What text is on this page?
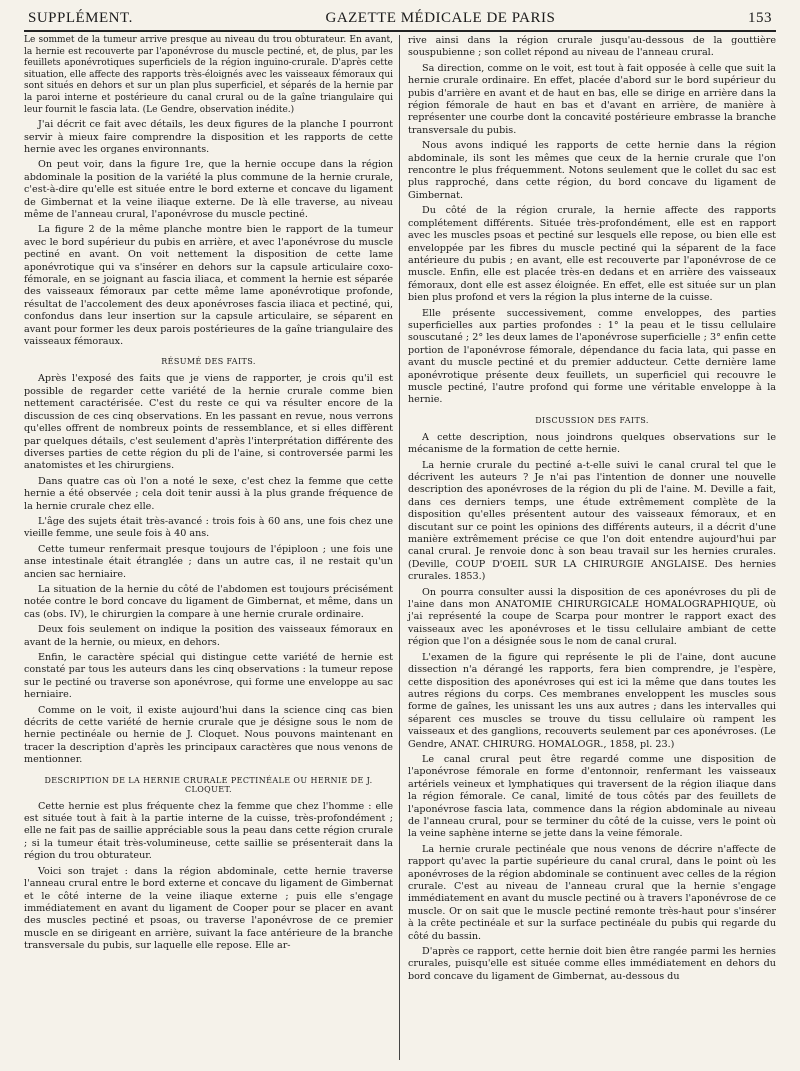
SUPPLÉMENT.	GAZETTE MÉDICALE DE PARIS	153

Le sommet de la tumeur arrive presque au niveau du trou obturateur. En avant, la hernie est recouverte par l'aponévrose du muscle pectiné, et, de plus, par les feuillets aponévrotiques superficiels de la région inguino-crurale. D'après cette situation, elle affecte des rapports très-éloignés avec les vaisseaux fémoraux qui sont situés en dehors et sur un plan plus superficiel, et séparés de la hernie par la paroi interne et postérieure du canal crural ou de la gaîne triangulaire qui leur fournit le fascia lata. (Le Gendre, observation inédite.)

J'ai décrit ce fait avec détails, les deux figures de la planche I pourront servir à mieux faire comprendre la disposition et les rapports de cette hernie avec les organes environnants.

On peut voir, dans la figure 1re, que la hernie occupe dans la région abdominale la position de la variété la plus commune de la hernie crurale, c'est-à-dire qu'elle est située entre le bord externe et concave du ligament de Gimbernat et la veine iliaque externe. De là elle traverse, au niveau même de l'anneau crural, l'aponévrose du muscle pectiné.

La figure 2 de la même planche montre bien le rapport de la tumeur avec le bord supérieur du pubis en arrière, et avec l'aponévrose du muscle pectiné en avant. On voit nettement la disposition de cette lame aponévrotique qui va s'insérer en dehors sur la capsule articulaire coxo-fémorale, en se joignant au fascia iliaca, et comment la hernie est séparée des vaisseaux fémoraux par cette même lame aponévrotique profonde, résultat de l'accolement des deux aponévroses fascia iliaca et pectiné, qui, confondus dans leur insertion sur la capsule articulaire, se séparent en avant pour former les deux parois postérieures de la gaîne triangulaire des vaisseaux fémoraux.

RÉSUMÉ DES FAITS.

Après l'exposé des faits que je viens de rapporter, je crois qu'il est possible de regarder cette variété de la hernie crurale comme bien nettement caractérisée. C'est du reste ce qui va résulter encore de la discussion de ces cinq observations. En les passant en revue, nous verrons qu'elles offrent de nombreux points de ressemblance, et si elles diffèrent par quelques détails, c'est seulement d'après l'interprétation différente des diverses parties de cette région du pli de l'aine, si controversée parmi les anatomistes et les chirurgiens.

Dans quatre cas où l'on a noté le sexe, c'est chez la femme que cette hernie a été observée ; cela doit tenir aussi à la plus grande fréquence de la hernie crurale chez elle.

L'âge des sujets était très-avancé : trois fois à 60 ans, une fois chez une vieille femme, une seule fois à 40 ans.

Cette tumeur renfermait presque toujours de l'épiploon ; une fois une anse intestinale était étranglée ; dans un autre cas, il ne restait qu'un ancien sac herniaire.

La situation de la hernie du côté de l'abdomen est toujours précisément notée contre le bord concave du ligament de Gimbernat, et même, dans un cas (obs. IV), le chirurgien la compare à une hernie crurale ordinaire.

Deux fois seulement on indique la position des vaisseaux fémoraux en avant de la hernie, ou mieux, en dehors.

Enfin, le caractère spécial qui distingue cette variété de hernie est constaté par tous les auteurs dans les cinq observations : la tumeur repose sur le pectiné ou traverse son aponévrose, qui forme une enveloppe au sac herniaire.

Comme on le voit, il existe aujourd'hui dans la science cinq cas bien décrits de cette variété de hernie crurale que je désigne sous le nom de hernie pectinéale ou hernie de J. Cloquet. Nous pouvons maintenant en tracer la description d'après les principaux caractères que nous venons de mentionner.

DESCRIPTION DE LA HERNIE CRURALE PECTINÉALE OU HERNIE DE J. CLOQUET.

Cette hernie est plus fréquente chez la femme que chez l'homme : elle est située tout à fait à la partie interne de la cuisse, très-profondément ; elle ne fait pas de saillie appréciable sous la peau dans cette région crurale ; si la tumeur était très-volumineuse, cette saillie se présenterait dans la région du trou obturateur.

Voici son trajet : dans la région abdominale, cette hernie traverse l'anneau crural entre le bord externe et concave du ligament de Gimbernat et le côté interne de la veine iliaque externe ; puis elle s'engage immédiatement en avant du ligament de Cooper pour se placer en avant des muscles pectiné et psoas, ou traverse l'aponévrose de ce premier muscle en se dirigeant en arrière, suivant la face antérieure de la branche transversale du pubis, sur laquelle elle repose. Elle ar-

rive ainsi dans la région crurale jusqu'au-dessous de la gouttière souspubienne ; son collet répond au niveau de l'anneau crural.

Sa direction, comme on le voit, est tout à fait opposée à celle que suit la hernie crurale ordinaire. En effet, placée d'abord sur le bord supérieur du pubis d'arrière en avant et de haut en bas, elle se dirige en arrière dans la région fémorale de haut en bas et d'avant en arrière, de manière à représenter une courbe dont la concavité postérieure embrasse la branche transversale du pubis.

Nous avons indiqué les rapports de cette hernie dans la région abdominale, ils sont les mêmes que ceux de la hernie crurale que l'on rencontre le plus fréquemment. Notons seulement que le collet du sac est plus rapproché, dans cette région, du bord concave du ligament de Gimbernat.

Du côté de la région crurale, la hernie affecte des rapports complétement différents. Située très-profondément, elle est en rapport avec les muscles psoas et pectiné sur lesquels elle repose, ou bien elle est enveloppée par les fibres du muscle pectiné qui la séparent de la face antérieure du pubis ; en avant, elle est recouverte par l'aponévrose de ce muscle. Enfin, elle est placée très-en dedans et en arrière des vaisseaux fémoraux, dont elle est assez éloignée. En effet, elle est située sur un plan bien plus profond et vers la région la plus interne de la cuisse.

Elle présente successivement, comme enveloppes, des parties superficielles aux parties profondes : 1° la peau et le tissu cellulaire souscutané ; 2° les deux lames de l'aponévrose superficielle ; 3° enfin cette portion de l'aponévrose fémorale, dépendance du facia lata, qui passe en avant du muscle pectiné et du premier adducteur. Cette dernière lame aponévrotique présente deux feuillets, un superficiel qui recouvre le muscle pectiné, l'autre profond qui forme une véritable enveloppe à la hernie.

DISCUSSION DES FAITS.

A cette description, nous joindrons quelques observations sur le mécanisme de la formation de cette hernie.

La hernie crurale du pectiné a-t-elle suivi le canal crural tel que le décrivent les auteurs ? Je n'ai pas l'intention de donner une nouvelle description des aponévroses de la région du pli de l'aine. M. Deville a fait, dans ces derniers temps, une étude extrêmement complète de la disposition qu'elles présentent autour des vaisseaux fémoraux, et en discutant sur ce point les opinions des différents auteurs, il a décrit d'une manière extrêmement précise ce que l'on doit entendre aujourd'hui par canal crural. Je renvoie donc à son beau travail sur les hernies crurales. (Deville, COUP D'OEIL SUR LA CHIRURGIE ANGLAISE. Des hernies crurales. 1853.)

On pourra consulter aussi la disposition de ces aponévroses du pli de l'aine dans mon ANATOMIE CHIRURGICALE HOMALOGRAPHIQUE, où j'ai représenté la coupe de Scarpa pour montrer le rapport exact des vaisseaux avec les aponévroses et le tissu cellulaire ambiant de cette région que l'on a désignée sous le nom de canal crural.

L'examen de la figure qui représente le pli de l'aine, dont aucune dissection n'a dérangé les rapports, fera bien comprendre, je l'espère, cette disposition des aponévroses qui est ici la même que dans toutes les autres régions du corps. Ces membranes enveloppent les muscles sous forme de gaînes, les unissant les uns aux autres ; dans les intervalles qui séparent ces muscles se trouve du tissu cellulaire où rampent les vaisseaux et des ganglions, recouverts seulement par ces aponévroses. (Le Gendre, ANAT. CHIRURG. HOMALOGR., 1858, pl. 23.)

Le canal crural peut être regardé comme une disposition de l'aponévrose fémorale en forme d'entonnoir, renfermant les vaisseaux artériels veineux et lymphatiques qui traversent de la région iliaque dans la région fémorale. Ce canal, limité de tous côtés par des feuillets de l'aponévrose fascia lata, commence dans la région abdominale au niveau de l'anneau crural, pour se terminer du côté de la cuisse, vers le point où la veine saphène interne se jette dans la veine fémorale.

La hernie crurale pectinéale que nous venons de décrire n'affecte de rapport qu'avec la partie supérieure du canal crural, dans le point où les aponévroses de la région abdominale se continuent avec celles de la région crurale. C'est au niveau de l'anneau crural que la hernie s'engage immédiatement en avant du muscle pectiné ou à travers l'aponévrose de ce muscle. Or on sait que le muscle pectiné remonte très-haut pour s'insérer à la crête pectinéale et sur la surface pectinéale du pubis qui regarde du côté du bassin.

D'après ce rapport, cette hernie doit bien être rangée parmi les hernies crurales, puisqu'elle est située comme elles immédiatement en dehors du bord concave du ligament de Gimbernat, au-dessous du
